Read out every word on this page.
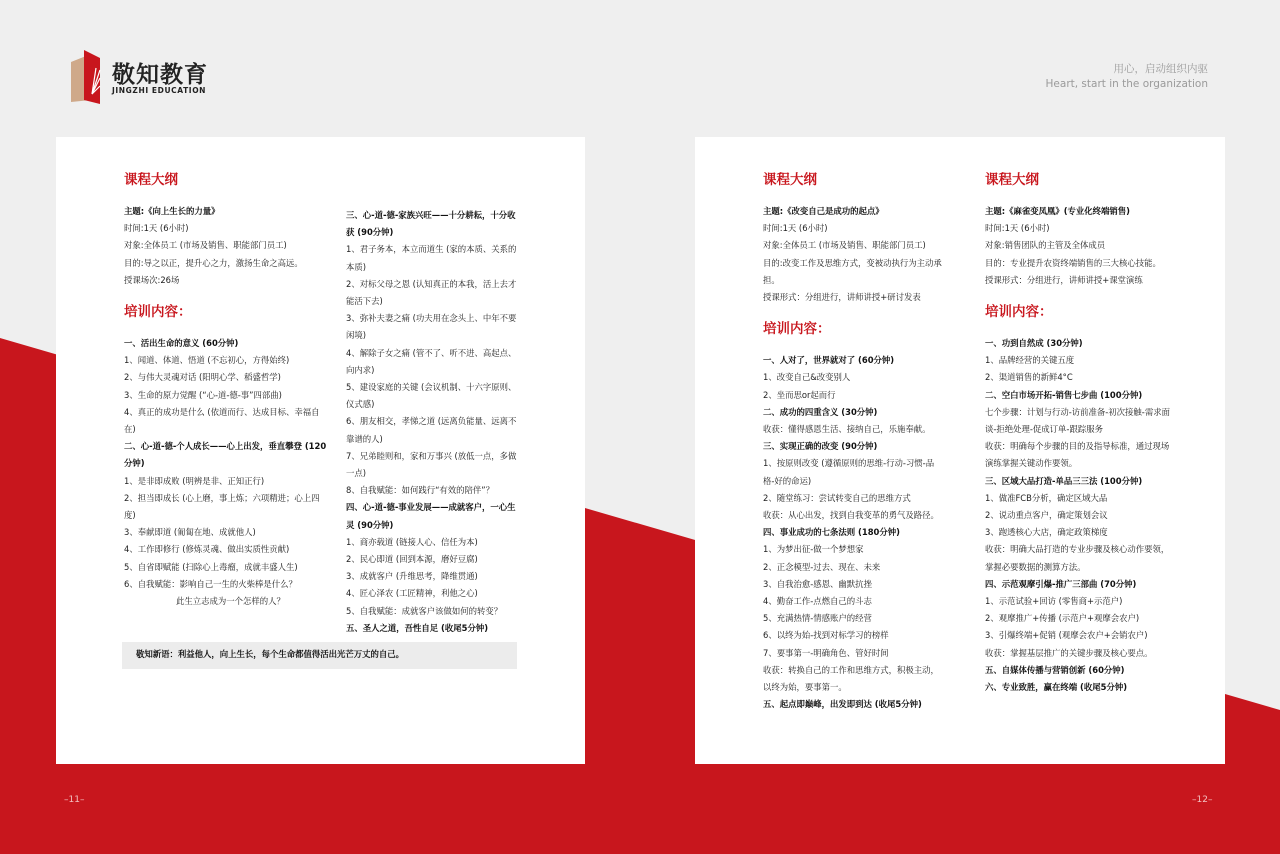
敬知教育
JINGZHI EDUCATION
用心，启动组织内驱
Heart, start in the organization

课程大纲

主题:《向上生长的力量》

时间:1天 (6小时)

对象:全体员工 (市场及销售、职能部门员工)

目的:导之以正，提升心之力，激扬生命之高远。

授课场次:26场

培训内容：

一、活出生命的意义 (60分钟)

1、闻道、体道、悟道 (不忘初心，方得始终)

2、与伟大灵魂对话 (阳明心学、稻盛哲学)

3、生命的原力觉醒 (“心-道-德-事”四部曲)

4、真正的成功是什么 (依道而行、达成目标、幸福自在)

二、心-道-德-个人成长——心上出发，垂直攀登 (120分钟)

1、是非即成败 (明辨是非、正知正行)

2、担当即成长 (心上磨，事上炼；六项精进；心上四度)

3、奉献即道 (匍匐在地、成就他人)

4、工作即修行 (修炼灵魂、做出实质性贡献)

5、自省即赋能 (扫除心上毒瘤，成就丰盛人生)

6、自我赋能：影响自己一生的火柴棒是什么？

此生立志成为一个怎样的人？

三、心-道-德-家族兴旺——十分耕耘，十分收获 (90分钟)

1、君子务本，本立而道生 (家的本质、关系的本质)

2、对标父母之恩 (认知真正的本我，活上去才能活下去)

3、弥补夫妻之痛 (功夫用在念头上、中年不要闲境)

4、解除子女之痛 (管不了、听不进、高起点、向内求)

5、建设家庭的关键 (会议机制、十六字原则、仪式感)

6、朋友相交，孝悌之道 (远离负能量、远离不靠谱的人)

7、兄弟睦则和，家和万事兴 (放低一点，多做一点)

8、自我赋能：如何践行“有效的陪伴”？

四、心-道-德-事业发展——成就客户，一心生灵 (90分钟)

1、商亦载道 (链接人心、信任为本)

2、民心即道 (回到本源，磨好豆腐)

3、成就客户 (升维思考，降维贯通)

4、匠心泽农 (工匠精神，利他之心)

5、自我赋能：成就客户该做如何的转变？

五、圣人之道，吾性自足 (收尾5分钟)

敬知新语：利益他人，向上生长，每个生命都值得活出光芒万丈的自己。

课程大纲

主题:《改变自己是成功的起点》

时间:1天 (6小时)

对象:全体员工 (市场及销售、职能部门员工)

目的:改变工作及思维方式，变被动执行为主动承担。

授课形式：分组进行，讲师讲授+研讨发表

培训内容：

一、人对了，世界就对了 (60分钟)

1、改变自己&改变别人

2、坐而思or起而行

二、成功的四重含义 (30分钟)

收获：懂得感恩生活、接纳自己，乐施奉献。

三、实现正确的改变 (90分钟)

1、按原则改变 (遵循原则的思维-行动-习惯-品格-好的命运)

2、随堂练习：尝试转变自己的思维方式

收获：从心出发，找到自我变革的勇气及路径。

四、事业成功的七条法则 (180分钟)

1、为梦出征-做一个梦想家

2、正念模型-过去、现在、未来

3、自我治愈-感恩、幽默抗挫

4、勤奋工作-点燃自己的斗志

5、充满热情-情感账户的经营

6、以终为始-找到对标学习的榜样

7、要事第一-明确角色、管好时间

收获：转换自己的工作和思维方式，积极主动，以终为始，要事第一。

五、起点即巅峰，出发即到达 (收尾5分钟)

课程大纲

主题:《麻雀变凤凰》(专业化终端销售)

时间:1天 (6小时)

对象:销售团队的主管及全体成员

目的：专业提升农资终端销售的三大核心技能。

授课形式：分组进行，讲师讲授+课堂演练

培训内容：

一、功到自然成 (30分钟)

1、品牌经营的关键五度

2、渠道销售的新鲜4°C

二、空白市场开拓-销售七步曲 (100分钟)

七个步骤：计划与行动-访前准备-初次接触-需求面谈-拒绝处理-促成订单-跟踪服务

收获：明确每个步骤的目的及指导标准，通过现场演练掌握关键动作要领。

三、区域大品打造-单品三三法 (100分钟)

1、做准FCB分析，确定区域大品

2、说动重点客户，确定策划会议

3、跑透核心大店，确定政策梯度

收获：明确大品打造的专业步骤及核心动作要领，掌握必要数据的测算方法。

四、示范观摩引爆-推广三部曲 (70分钟)

1、示范试验+回访 (零售商+示范户)

2、观摩推广+传播 (示范户+观摩会农户)

3、引爆终端+促销 (观摩会农户+会销农户)

收获：掌握基层推广的关键步骤及核心要点。

五、自媒体传播与营销创新 (60分钟)

六、专业致胜，赢在终端 (收尾5分钟)

–11–	–12–
